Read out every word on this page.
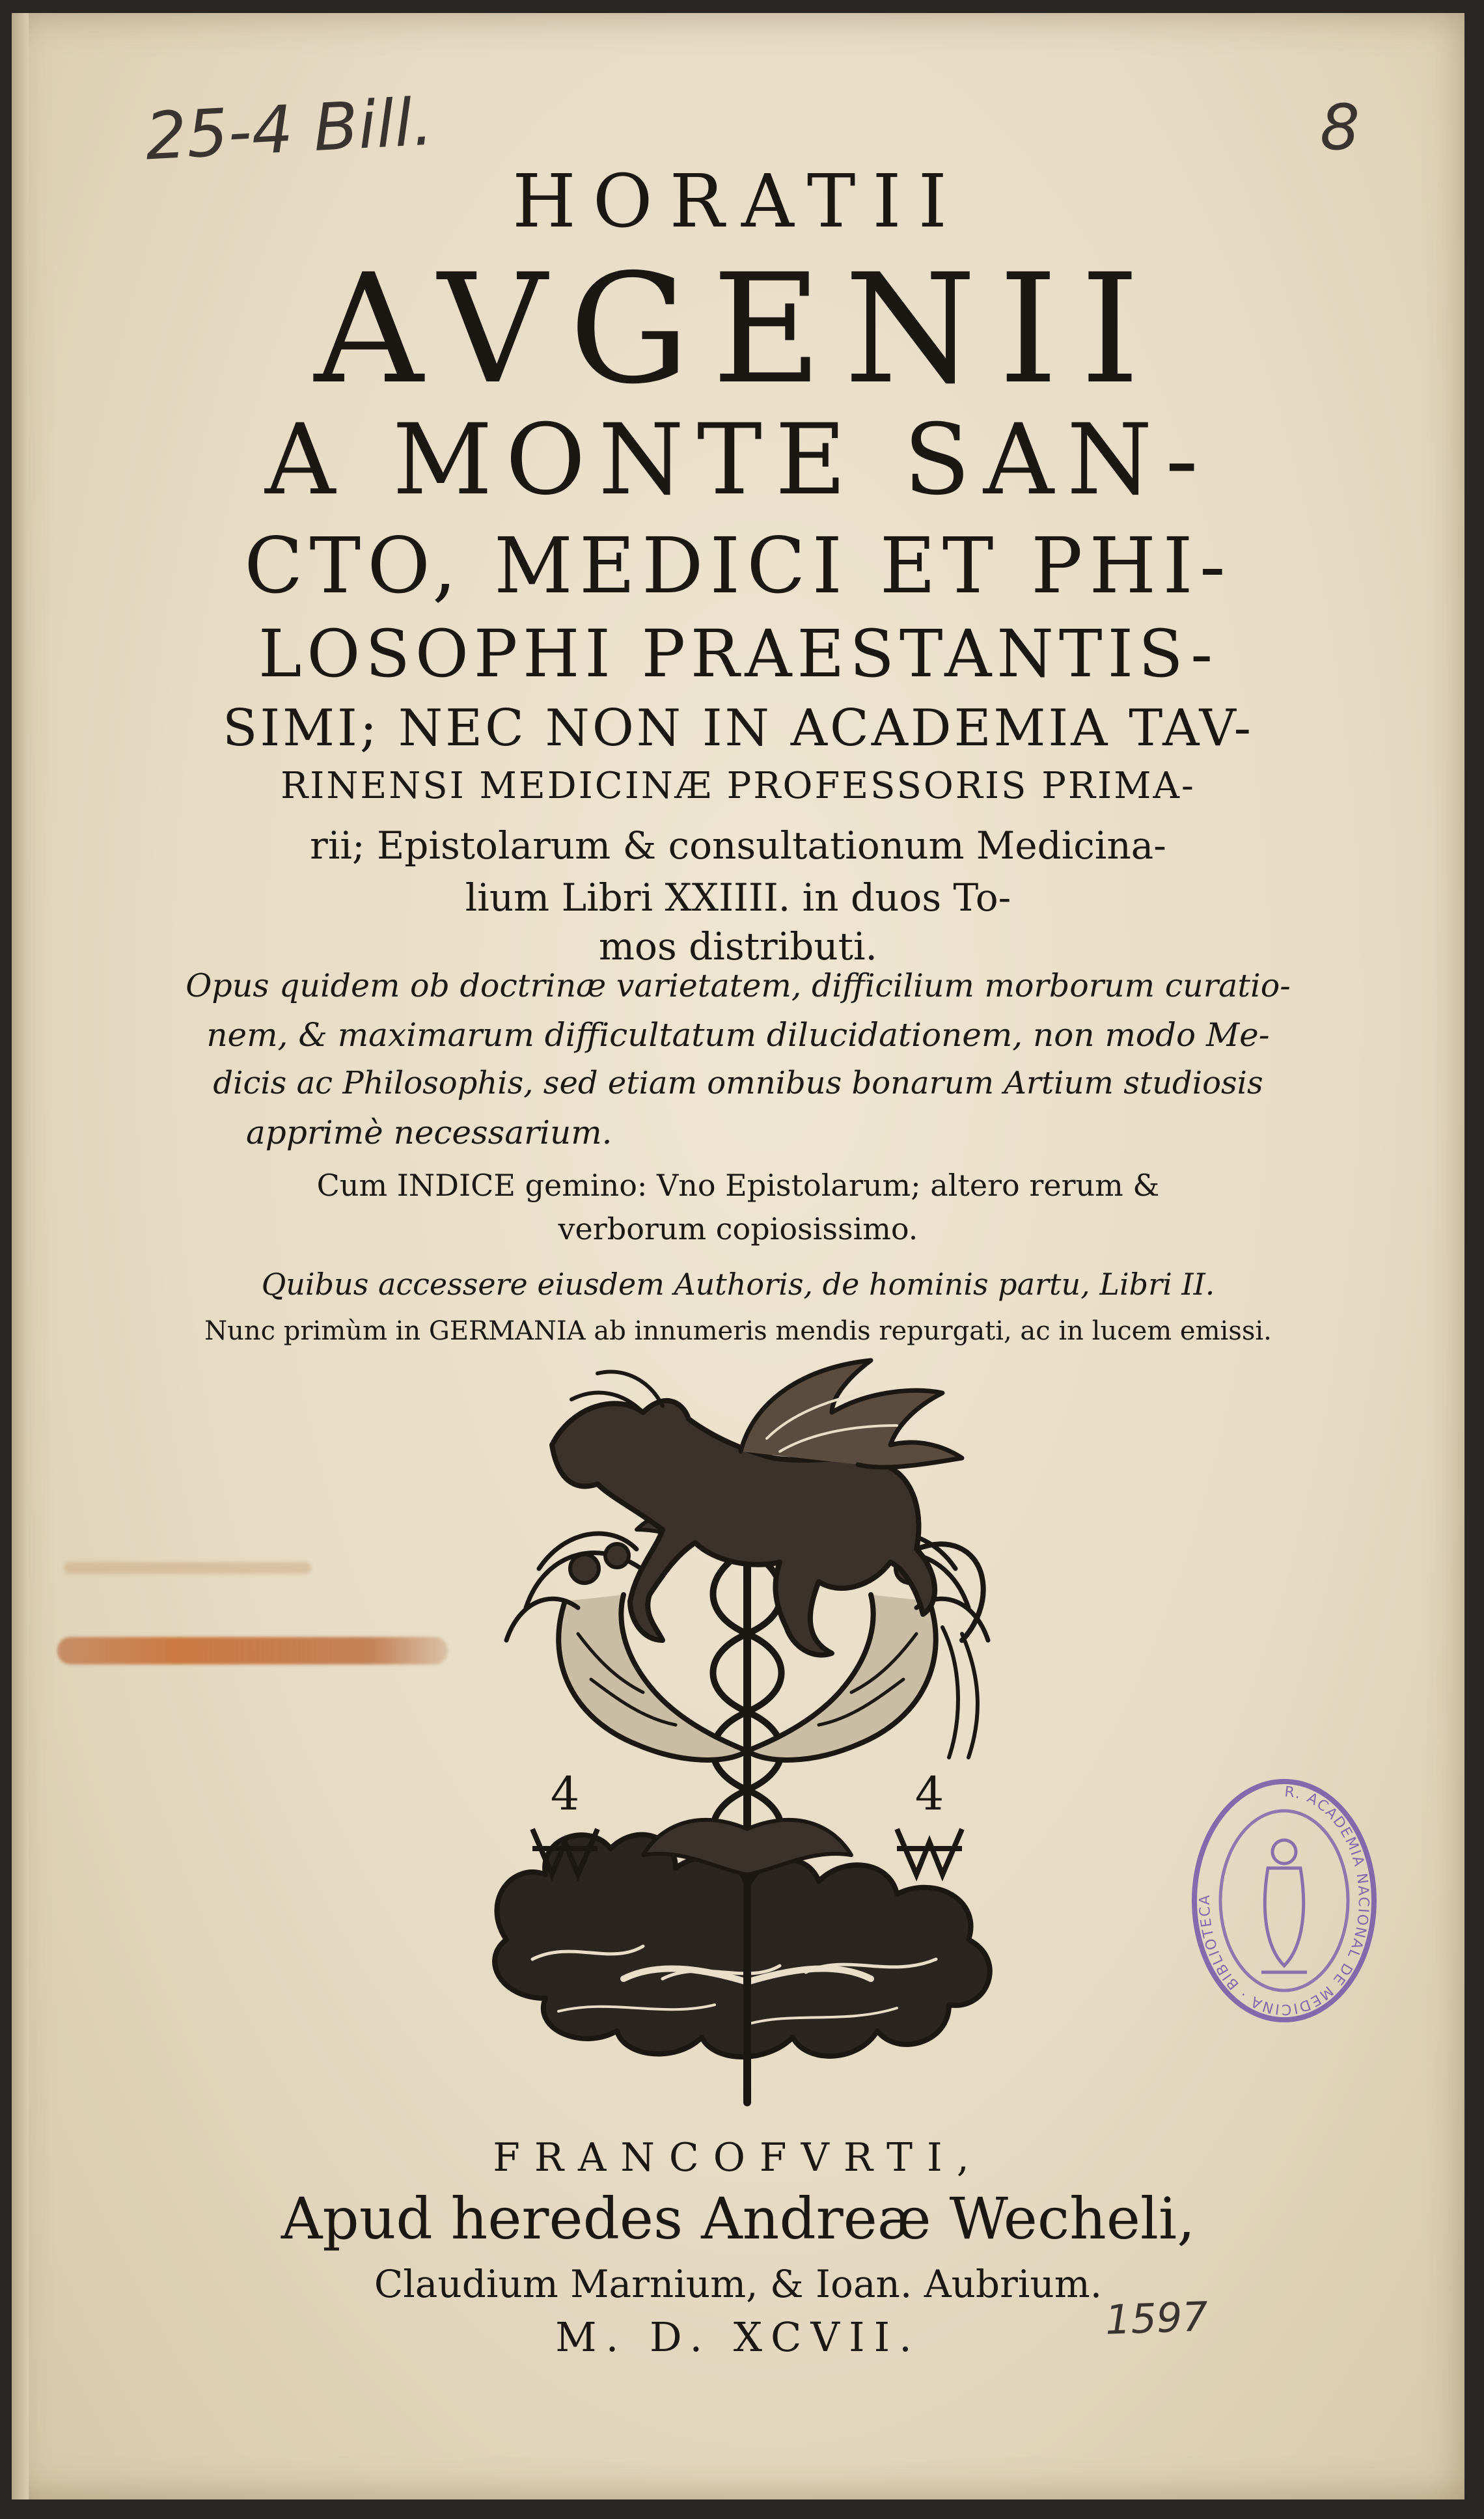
25-4 Bill.	8
1597
HORATII
AVGENII
A MONTE SAN-
CTO, MEDICI ET PHI-
LOSOPHI PRAESTANTIS-
SIMI; NEC NON IN ACADEMIA TAV-
RINENSI MEDICINÆ PROFESSORIS PRIMA-
rii; Epistolarum & consultationum Medicina-
lium Libri XXIIII. in duos To-
mos distributi.
Opus quidem ob doctrinæ varietatem, difficilium morborum curatio-
nem, & maximarum difficultatum dilucidationem, non modo Me-
dicis ac Philosophis, sed etiam omnibus bonarum Artium studiosis
apprimè necessarium.
Cum INDICE gemino: Vno Epistolarum; altero rerum &
verborum copiosissimo.
Quibus accessere eiusdem Authoris, de hominis partu, Libri II.
Nunc primùm in GERMANIA ab innumeris mendis repurgati, ac in lucem emissi.
4	4
FRANCOFVRTI,
Apud heredes Andreæ Wecheli,
Claudium Marnium, & Ioan. Aubrium.
M. D. XCVII.
R. ACADEMIA NACIONAL DE MEDICINA · BIBLIOTECA
